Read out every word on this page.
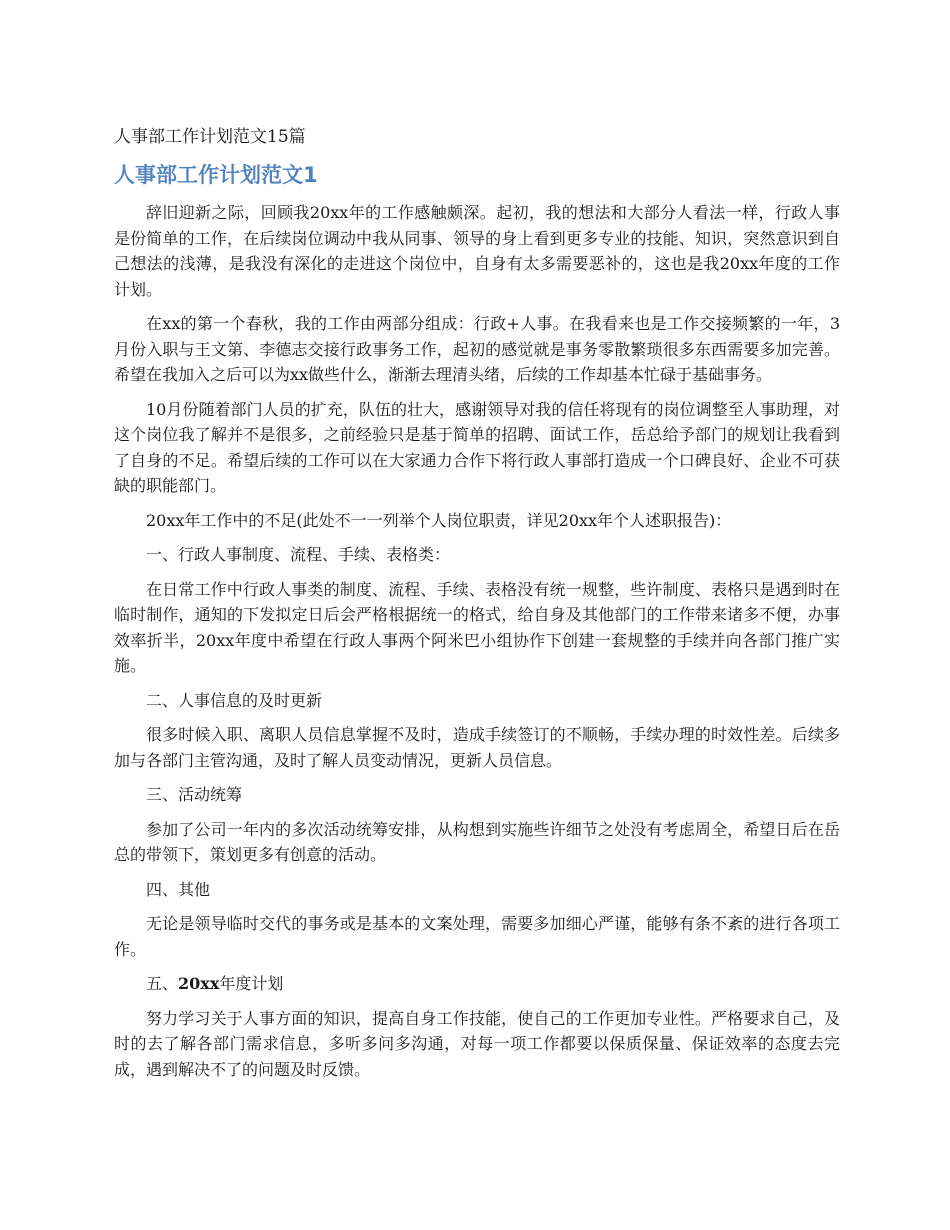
人事部工作计划范文15篇
人事部工作计划范文1

辞旧迎新之际，回顾我20xx年的工作感触颇深。起初，我的想法和大部分人看法一样，行政人事是份简单的工作，在后续岗位调动中我从同事、领导的身上看到更多专业的技能、知识，突然意识到自己想法的浅薄，是我没有深化的走进这个岗位中，自身有太多需要恶补的，这也是我20xx年度的工作计划。

在xx的第一个春秋，我的工作由两部分组成：行政+人事。在我看来也是工作交接频繁的一年，3月份入职与王文第、李德志交接行政事务工作，起初的感觉就是事务零散繁琐很多东西需要多加完善。希望在我加入之后可以为xx做些什么，渐渐去理清头绪，后续的工作却基本忙碌于基础事务。

10月份随着部门人员的扩充，队伍的壮大，感谢领导对我的信任将现有的岗位调整至人事助理，对这个岗位我了解并不是很多，之前经验只是基于简单的招聘、面试工作，岳总给予部门的规划让我看到了自身的不足。希望后续的工作可以在大家通力合作下将行政人事部打造成一个口碑良好、企业不可获缺的职能部门。

20xx年工作中的不足(此处不一一列举个人岗位职责，详见20xx年个人述职报告)：

一、行政人事制度、流程、手续、表格类：

在日常工作中行政人事类的制度、流程、手续、表格没有统一规整，些许制度、表格只是遇到时在临时制作，通知的下发拟定日后会严格根据统一的格式，给自身及其他部门的工作带来诸多不便，办事效率折半，20xx年度中希望在行政人事两个阿米巴小组协作下创建一套规整的手续并向各部门推广实施。

二、人事信息的及时更新

很多时候入职、离职人员信息掌握不及时，造成手续签订的不顺畅，手续办理的时效性差。后续多加与各部门主管沟通，及时了解人员变动情况，更新人员信息。

三、活动统筹

参加了公司一年内的多次活动统筹安排，从构想到实施些许细节之处没有考虑周全，希望日后在岳总的带领下，策划更多有创意的活动。

四、其他

无论是领导临时交代的事务或是基本的文案处理，需要多加细心严谨，能够有条不紊的进行各项工作。

五、20xx年度计划

努力学习关于人事方面的知识，提高自身工作技能，使自己的工作更加专业性。严格要求自己，及时的去了解各部门需求信息，多听多问多沟通，对每一项工作都要以保质保量、保证效率的态度去完成，遇到解决不了的问题及时反馈。
